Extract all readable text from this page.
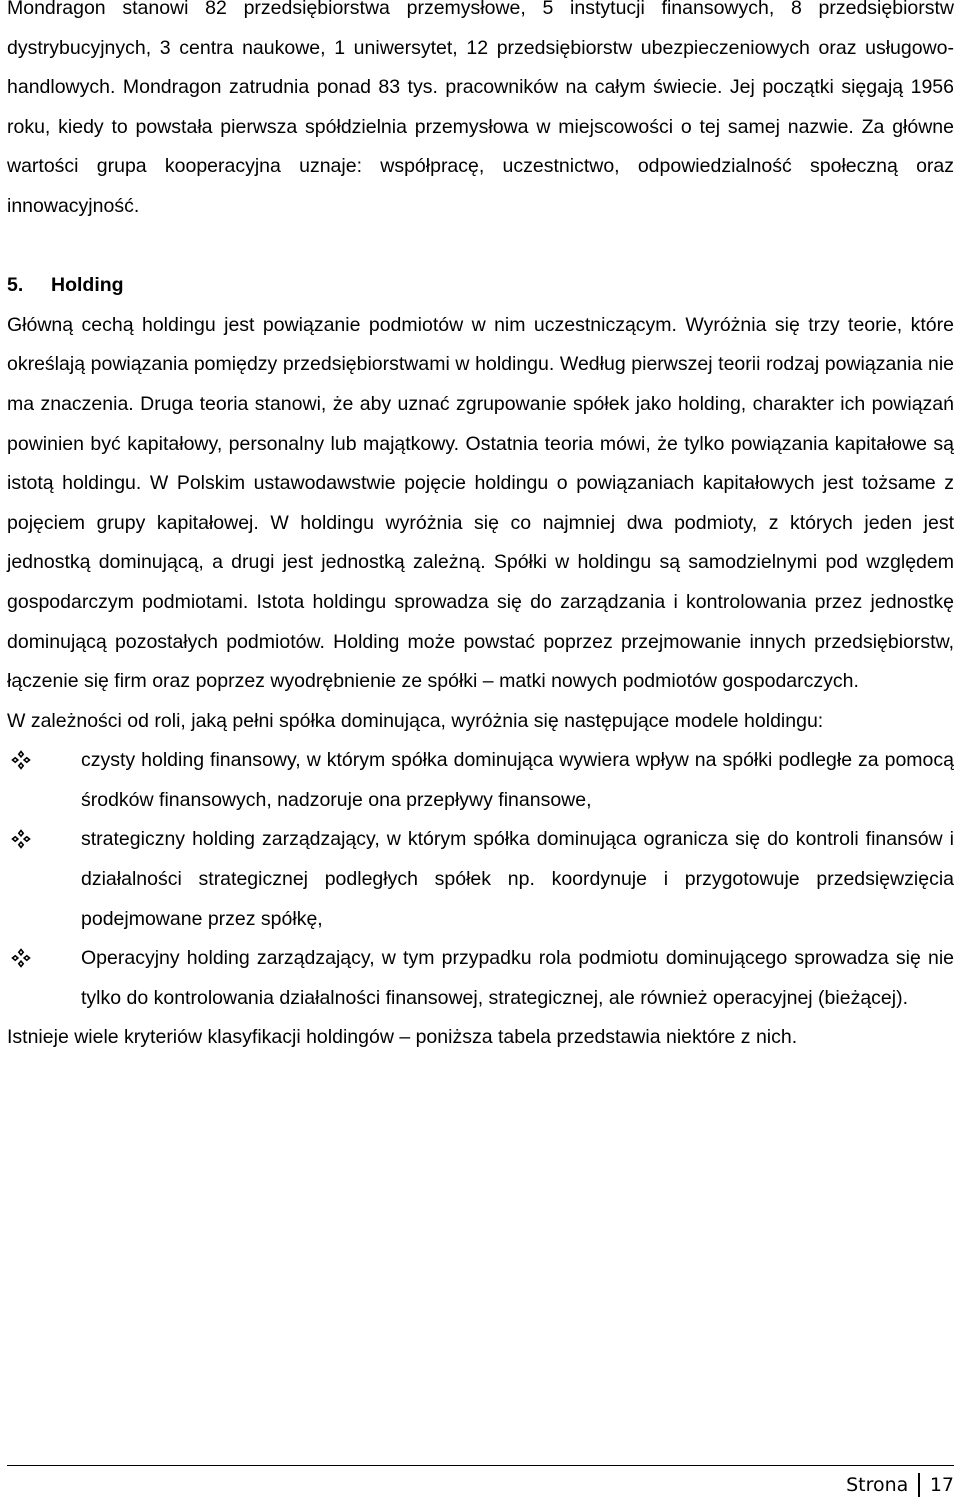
Mondragon stanowi 82 przedsiębiorstwa przemysłowe, 5 instytucji finansowych, 8 przedsiębiorstw dystrybucyjnych, 3 centra naukowe, 1 uniwersytet, 12 przedsiębiorstw ubezpieczeniowych oraz usługowo-handlowych. Mondragon zatrudnia ponad 83 tys. pracowników na całym świecie. Jej początki sięgają 1956 roku, kiedy to powstała pierwsza spółdzielnia przemysłowa w miejscowości o tej samej nazwie. Za główne wartości grupa kooperacyjna uznaje: współpracę, uczestnictwo, odpowiedzialność społeczną oraz innowacyjność.

5. Holding

Główną cechą holdingu jest powiązanie podmiotów w nim uczestniczącym. Wyróżnia się trzy teorie, które określają powiązania pomiędzy przedsiębiorstwami w holdingu. Według pierwszej teorii rodzaj powiązania nie ma znaczenia. Druga teoria stanowi, że aby uznać zgrupowanie spółek jako holding, charakter ich powiązań powinien być kapitałowy, personalny lub majątkowy. Ostatnia teoria mówi, że tylko powiązania kapitałowe są istotą holdingu. W Polskim ustawodawstwie pojęcie holdingu o powiązaniach kapitałowych jest tożsame z pojęciem grupy kapitałowej. W holdingu wyróżnia się co najmniej dwa podmioty, z których jeden jest jednostką dominującą, a drugi jest jednostką zależną. Spółki w holdingu są samodzielnymi pod względem gospodarczym podmiotami. Istota holdingu sprowadza się do zarządzania i kontrolowania przez jednostkę dominującą pozostałych podmiotów. Holding może powstać poprzez przejmowanie innych przedsiębiorstw, łączenie się firm oraz poprzez wyodrębnienie ze spółki – matki nowych podmiotów gospodarczych.

W zależności od roli, jaką pełni spółka dominująca, wyróżnia się następujące modele holdingu:

czysty holding finansowy, w którym spółka dominująca wywiera wpływ na spółki podległe za pomocą środków finansowych, nadzoruje ona przepływy finansowe,
strategiczny holding zarządzający, w którym spółka dominująca ogranicza się do kontroli finansów i działalności strategicznej podległych spółek np. koordynuje i przygotowuje przedsięwzięcia podejmowane przez spółkę,
Operacyjny holding zarządzający, w tym przypadku rola podmiotu dominującego sprowadza się nie tylko do kontrolowania działalności finansowej, strategicznej, ale również operacyjnej (bieżącej).

Istnieje wiele kryteriów klasyfikacji holdingów – poniższa tabela przedstawia niektóre z nich.

Strona 17
